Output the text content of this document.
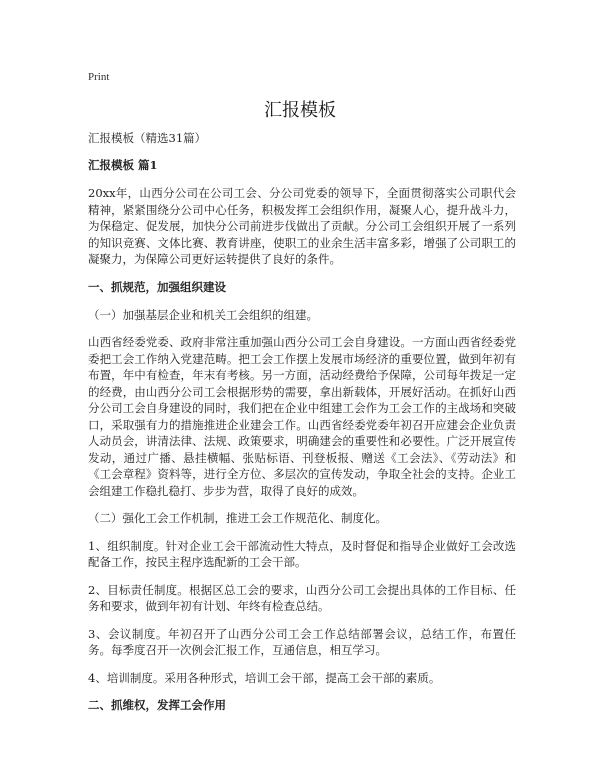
Print
汇报模板

汇报模板（精选31篇）

汇报模板 篇1

20xx年，山西分公司在公司工会、分公司党委的领导下，全面贯彻落实公司职代会精神，紧紧围绕分公司中心任务，积极发挥工会组织作用，凝聚人心，提升战斗力，为保稳定、促发展，加快分公司前进步伐做出了贡献。分公司工会组织开展了一系列的知识竞赛、文体比赛、教育讲座，使职工的业余生活丰富多彩，增强了公司职工的凝聚力，为保障公司更好运转提供了良好的条件。

一、抓规范，加强组织建设

（一）加强基层企业和机关工会组织的组建。

山西省经委党委、政府非常注重加强山西分公司工会自身建设。一方面山西省经委党委把工会工作纳入党建范畴。把工会工作摆上发展市场经济的重要位置，做到年初有布置，年中有检查，年末有考核。另一方面，活动经费给予保障，公司每年拨足一定的经费，由山西分公司工会根据形势的需要，拿出新载体，开展好活动。在抓好山西分公司工会自身建设的同时，我们把在企业中组建工会作为工会工作的主战场和突破口，采取强有力的措施推进企业建会工作。山西省经委党委年初召开应建会企业负责人动员会，讲清法律、法规、政策要求，明确建会的重要性和必要性。广泛开展宣传发动，通过广播、悬挂横幅、张贴标语、刊登板报、赠送《工会法》、《劳动法》和《工会章程》资料等，进行全方位、多层次的宣传发动，争取全社会的支持。企业工会组建工作稳扎稳打、步步为营，取得了良好的成效。

（二）强化工会工作机制，推进工会工作规范化、制度化。

1、组织制度。针对企业工会干部流动性大特点，及时督促和指导企业做好工会改选配备工作，按民主程序选配新的工会干部。

2、目标责任制度。根据区总工会的要求，山西分公司工会提出具体的工作目标、任务和要求，做到年初有计划、年终有检查总结。

3、会议制度。年初召开了山西分公司工会工作总结部署会议，总结工作，布置任务。每季度召开一次例会汇报工作，互通信息，相互学习。

4、培训制度。采用各种形式，培训工会干部，提高工会干部的素质。

二、抓维权，发挥工会作用
